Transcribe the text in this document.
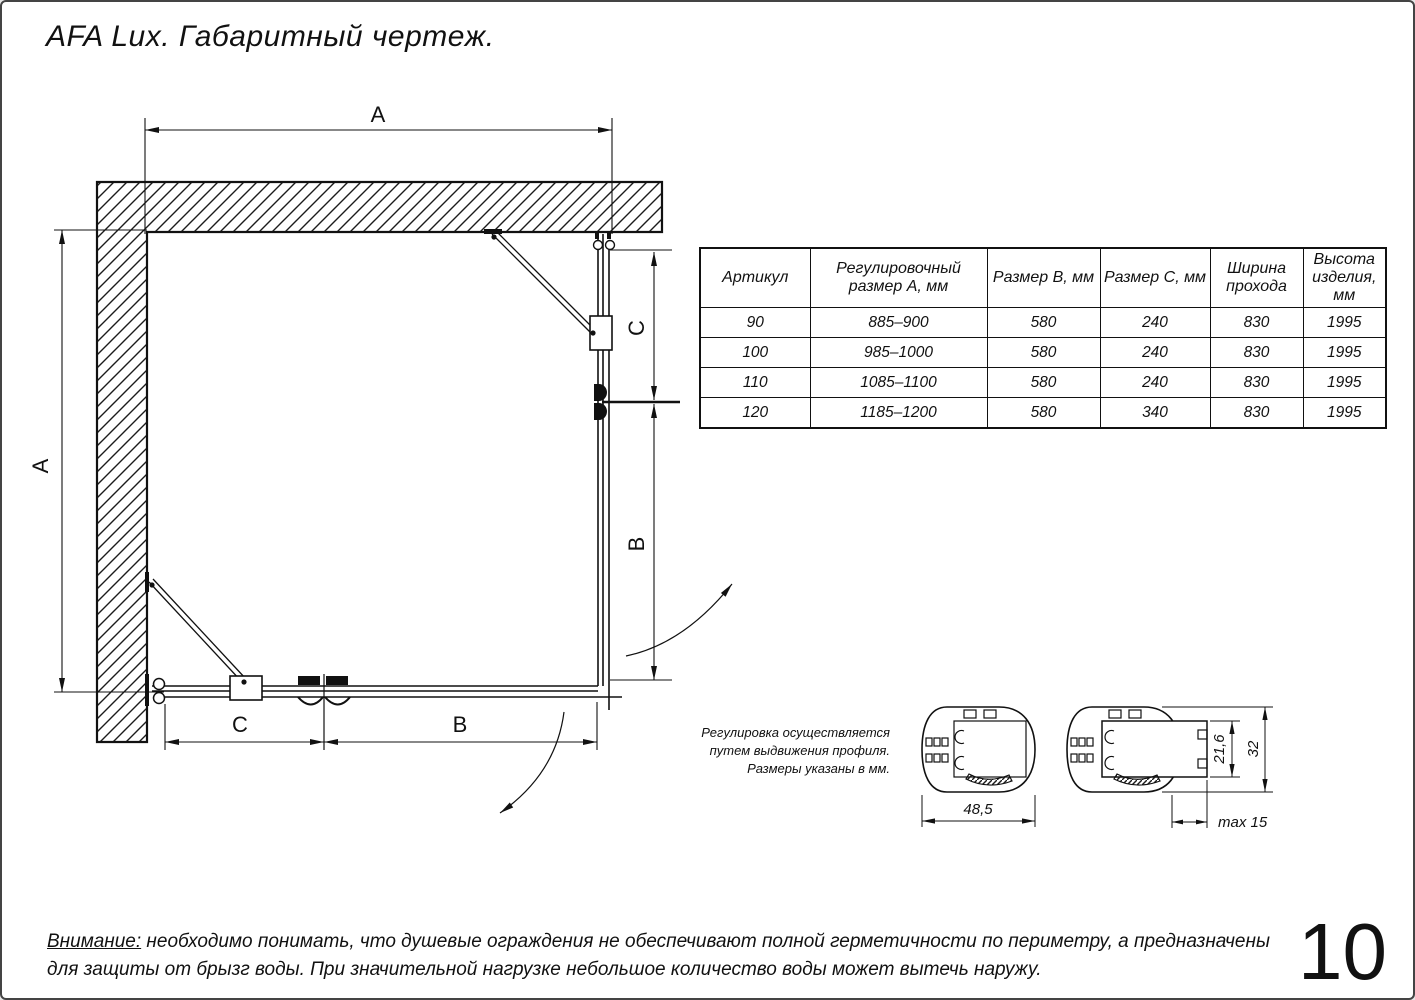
AFA Lux. Габаритный чертеж.
A
A
C
B
C	B
Артикул	Регулировочный размер А, мм	Размер В, мм	Размер С, мм	Ширина прохода	Высота изделия, мм
90	885–900	580	240	830	1995
100	985–1000	580	240	830	1995
110	1085–1100	580	240	830	1995
120	1185–1200	580	340	830	1995
Регулировка осуществляется
путем выдвижения профиля.
Размеры указаны в мм.
48,5
21,6 32
max 15
Внимание: необходимо понимать, что душевые ограждения не обеспечивают полной герметичности по периметру, а предназначены
для защиты от брызг воды. При значительной нагрузке небольшое количество воды может вытечь наружу.	10
